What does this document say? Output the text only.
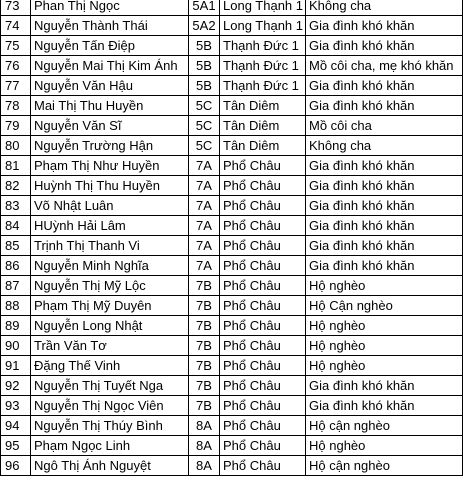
73	Phan Thị Ngọc	5A1	Long Thạnh 1	Không cha
74	Nguyễn Thành Thái	5A2	Long Thạnh 1	Gia đình khó khăn
75	Nguyễn Tấn Điệp	5B	Thạnh Đức 1	Gia đình khó khăn
76	Nguyễn Mai Thị Kim Ánh	5B	Thạnh Đức 1	Mồ côi cha, mẹ khó khăn
77	Nguyễn Văn Hậu	5B	Thạnh Đức 1	Gia đình khó khăn
78	Mai Thị Thu Huyền	5C	Tân Diêm	Gia đình khó khăn
79	Nguyễn Văn Sĩ	5C	Tân Diêm	Mồ côi cha
80	Nguyễn Trường Hận	5C	Tân Diêm	Không cha
81	Phạm Thị Như Huyền	7A	Phổ Châu	Gia đình khó khăn
82	Huỳnh Thị Thu Huyền	7A	Phổ Châu	Gia đình khó khăn
83	Võ Nhật Luân	7A	Phổ Châu	Gia đình khó khăn
84	HUỳnh Hải Lâm	7A	Phổ Châu	Gia đình khó khăn
85	Trịnh Thị Thanh Vi	7A	Phổ Châu	Gia đình khó khăn
86	Nguyễn Minh Nghĩa	7A	Phổ Châu	Gia đình khó khăn
87	Nguyễn Thị Mỹ Lộc	7B	Phổ Châu	Hộ nghèo
88	Phạm Thị Mỹ Duyên	7B	Phổ Châu	Hộ Cận nghèo
89	Nguyễn Long Nhật	7B	Phổ Châu	Hộ nghèo
90	Trần Văn Tơ	7B	Phổ Châu	Hộ nghèo
91	Đặng Thế Vinh	7B	Phổ Châu	Hộ nghèo
92	Nguyễn Thị Tuyết Nga	7B	Phổ Châu	Gia đình khó khăn
93	Nguyễn Thị Ngọc Viên	7B	Phổ Châu	Gia đình khó khăn
94	Nguyễn Thị Thúy Bình	8A	Phổ Châu	Hộ cận nghèo
95	Phạm Ngọc Linh	8A	Phổ Châu	Hộ nghèo
96	Ngô Thị Ánh Nguyệt	8A	Phổ Châu	Hộ cận nghèo
